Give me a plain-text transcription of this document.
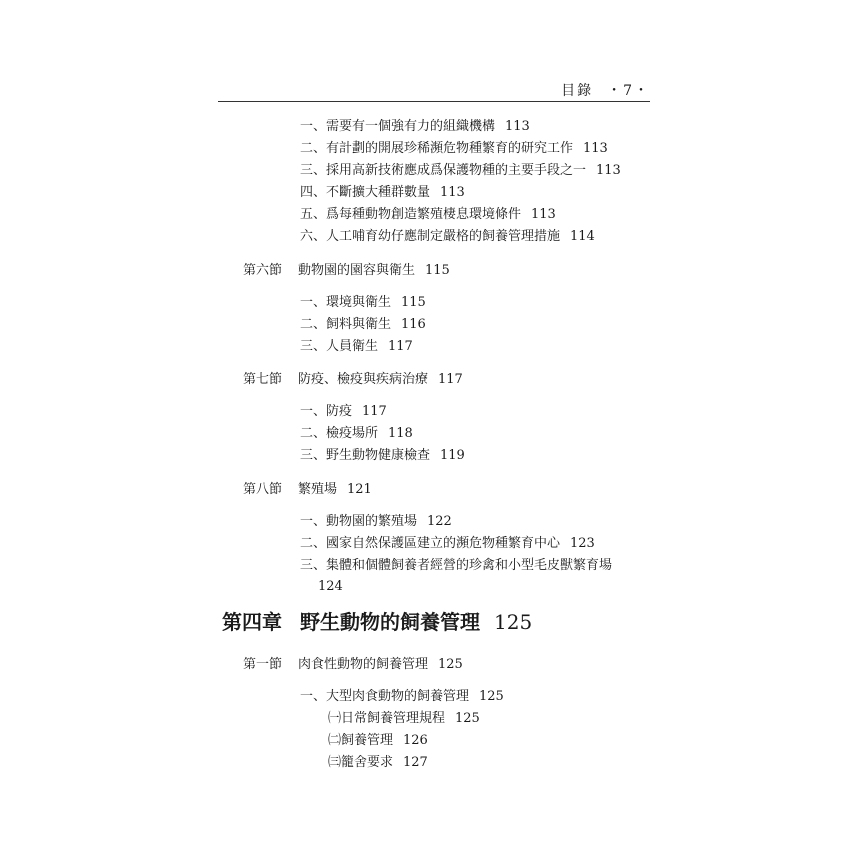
目錄 ・7・
一、需要有一個強有力的組織機構 113
二、有計劃的開展珍稀瀕危物種繁育的研究工作 113
三、採用高新技術應成爲保護物種的主要手段之一 113
四、不斷擴大種群數量 113
五、爲每種動物創造繁殖棲息環境條件 113
六、人工哺育幼仔應制定嚴格的飼養管理措施 114
第六節 動物園的園容與衛生 115
一、環境與衛生 115
二、飼料與衛生 116
三、人員衛生 117
第七節 防疫、檢疫與疾病治療 117
一、防疫 117
二、檢疫場所 118
三、野生動物健康檢查 119
第八節 繁殖場 121
一、動物園的繁殖場 122
二、國家自然保護區建立的瀕危物種繁育中心 123
三、集體和個體飼養者經營的珍禽和小型毛皮獸繁育場
124
第四章 野生動物的飼養管理 125
第一節 肉食性動物的飼養管理 125
一、大型肉食動物的飼養管理 125
㈠日常飼養管理規程 125
㈡飼養管理 126
㈢籠舍要求 127
